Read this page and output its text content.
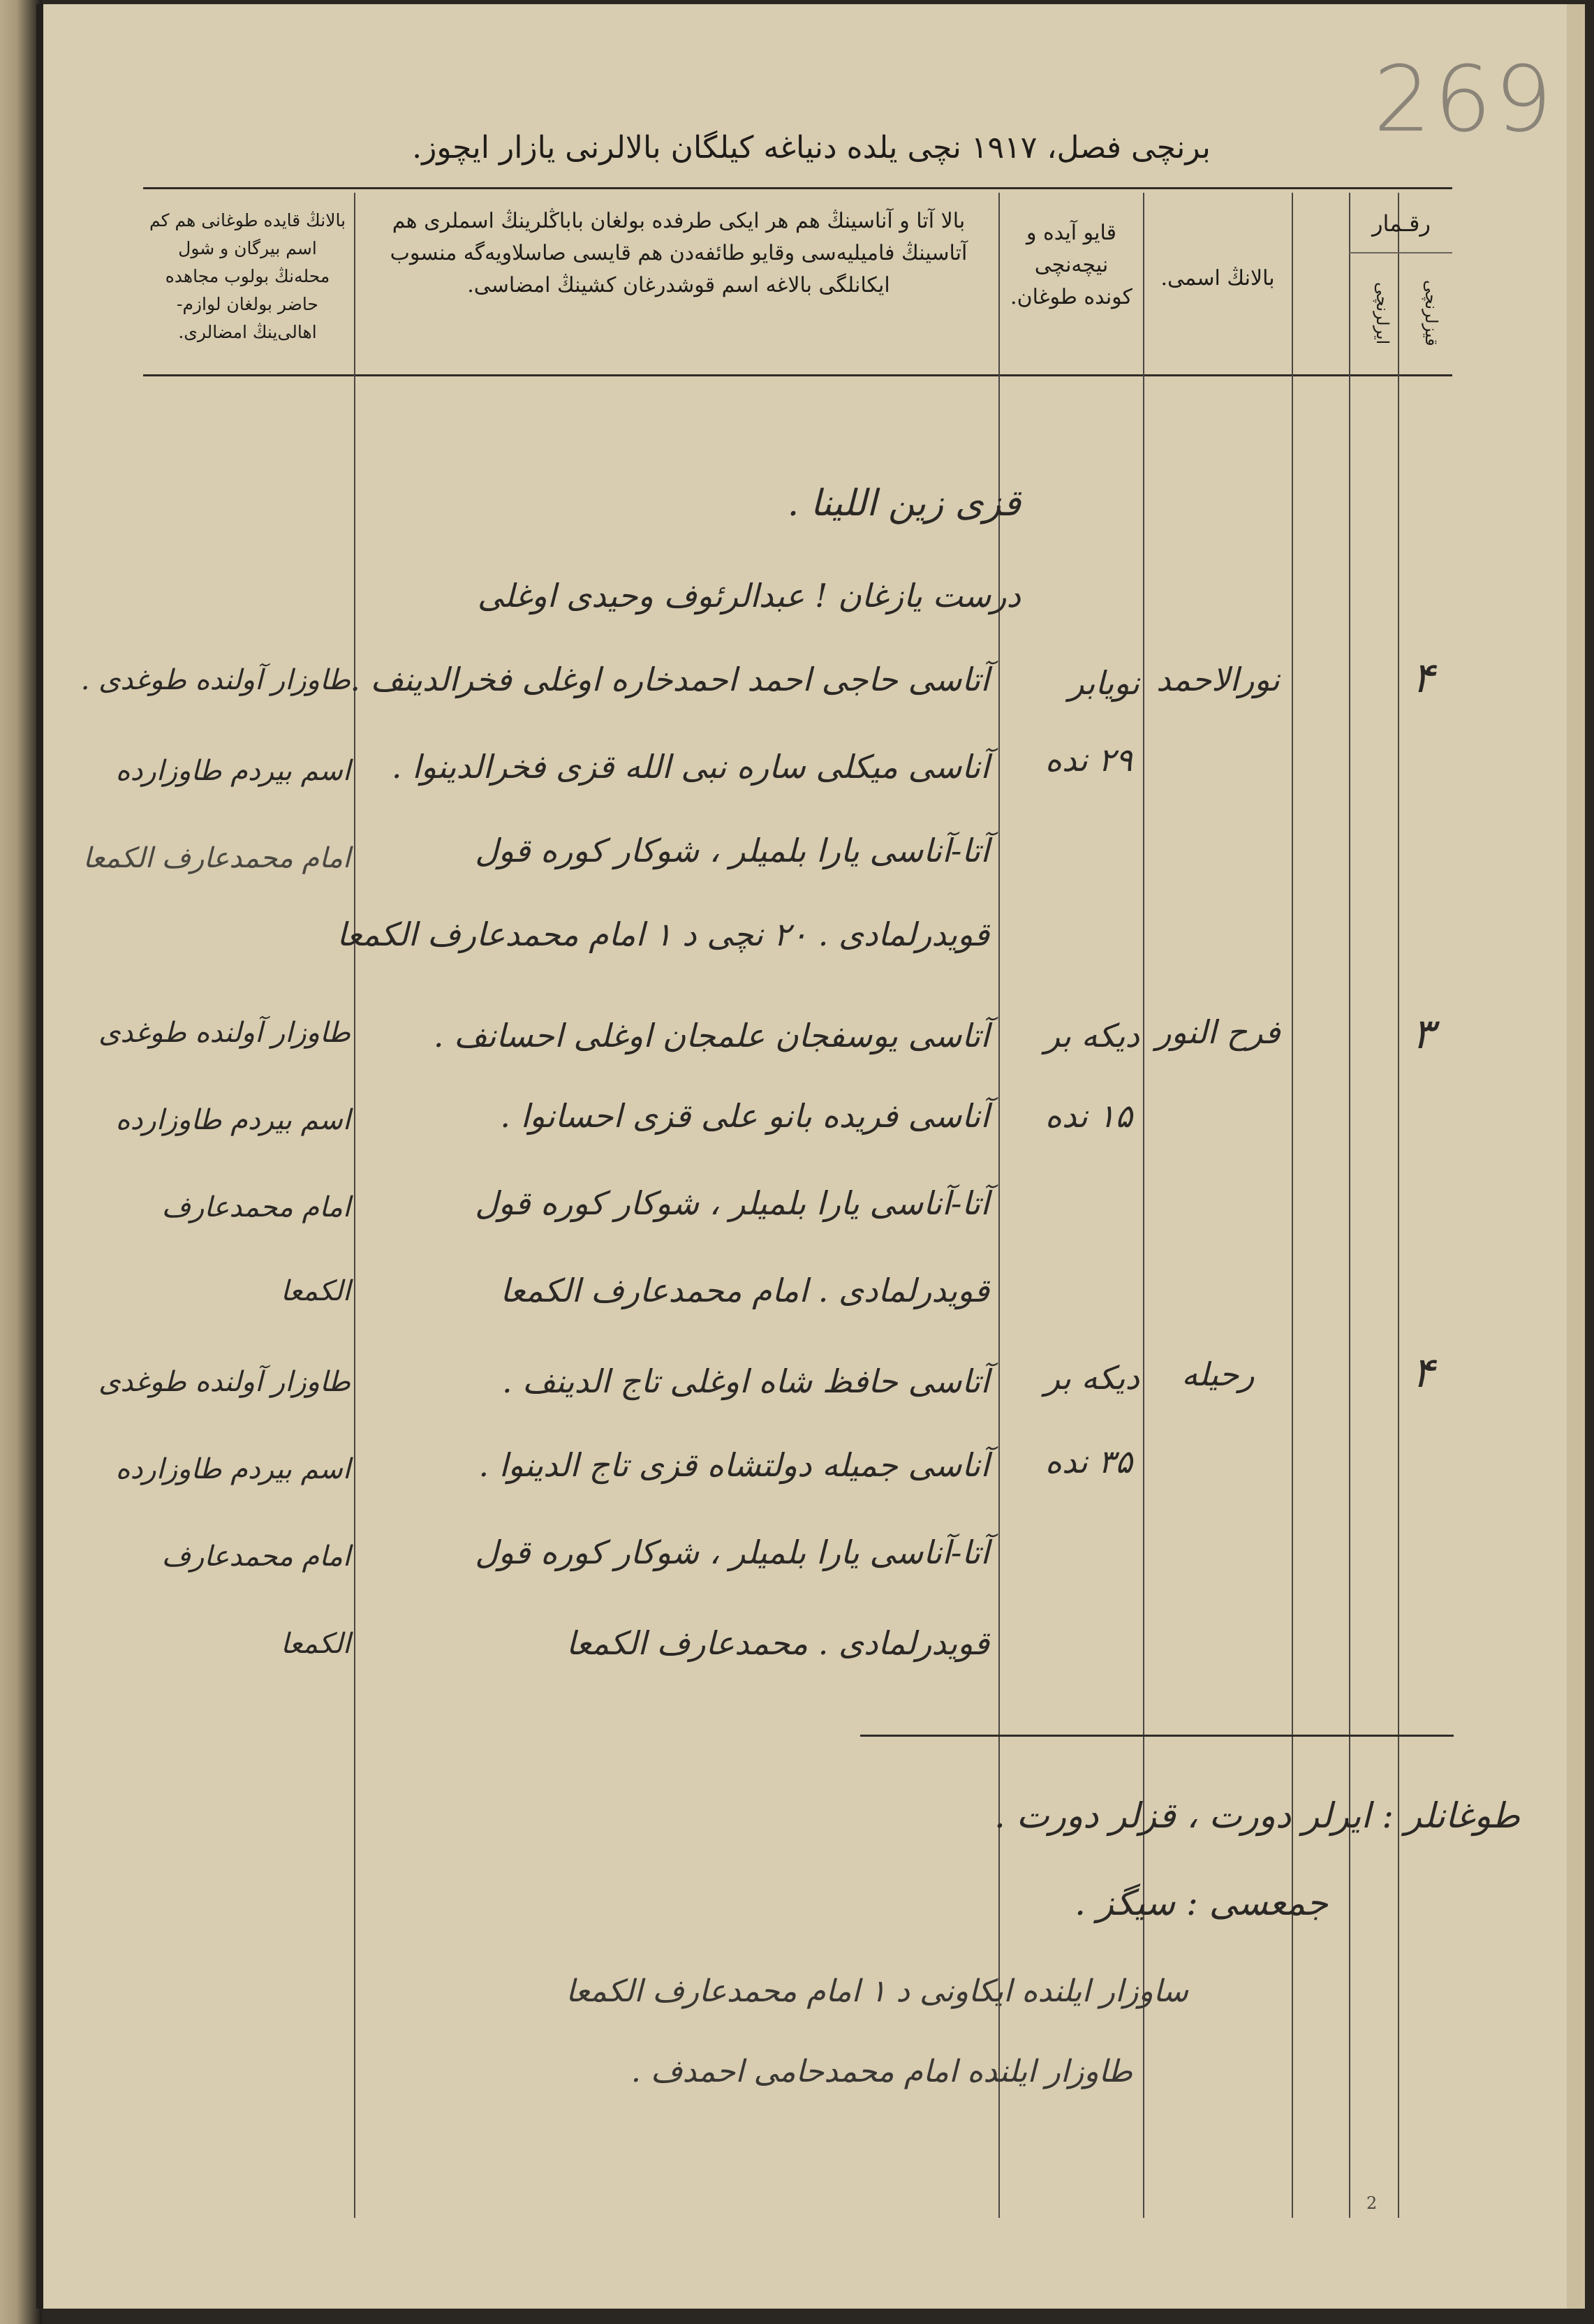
269
برنچی فصل، ۱۹۱۷ نچی یلده دنیاغه کیلگان بالالرنی یازار ایچوز.
رقـمار
ایرلرنچی	قیزلرنچی
بالانڭ اسمی.
قایو آیده و نیچه‌نچی کونده طوغان.
بالا آتا و آناسینڭ هم هر ایکی طرفده بولغان باباڭلرینڭ اسملری هم آتاسینڭ فامیلیه‌سی وقایو طائفه‌دن هم قایسی صاسلاویه‌گه منسوب ایکانلگی بالاغه اسم قوشدرغان کشینڭ امضاسی.
بالانڭ قایده طوغانی هم کم اسم بیرگان و شول محله‌نڭ بولوب مجاهده حاضر بولغان لوازم-اهالی‌ینڭ امضالری.
قزی زین اللینا .
درست یازغان ! عبدالرئوف وحیدی اوغلی
۴
نورالاحمد
نویابر
۲۹ نده
آتاسی حاجی احمد احمدخاره اوغلی فخرالدینف .
آناسی میکلی ساره نبی الله قزی فخرالدینوا .
آتا-آناسی یارا بلمیلر ، شوکار کوره قول
قویدرلمادی . ۲۰ نچی د ۱ امام محمدعارف الکمعا
طاوزار آولنده طوغدی .
اسم بیردم طاوزارده
امام محمدعارف الکمعا
۳
فرح النور
دیکه بر
۱۵ نده
آتاسی یوسفجان علمجان اوغلی احسانف .
آناسی فریده بانو علی قزی احسانوا .
آتا-آناسی یارا بلمیلر ، شوکار کوره قول
قویدرلمادی . امام محمدعارف الکمعا
طاوزار آولنده طوغدی
اسم بیردم طاوزارده
امام محمدعارف
الکمعا
۴
رحیله
دیکه بر
۳۵ نده
آتاسی حافظ شاه اوغلی تاج الدینف .
آناسی جمیله دولتشاه قزی تاج الدینوا .
آتا-آناسی یارا بلمیلر ، شوکار کوره قول
قویدرلمادی . محمدعارف الکمعا
طاوزار آولنده طوغدی
اسم بیردم طاوزارده
امام محمدعارف
الکمعا
طوغانلر : ایرلر دورت ، قزلر دورت .
جمعسی : سیگز .
ساوزار ایلنده ایکاونی د ۱ امام محمدعارف الکمعا
طاوزار ایلنده امام محمدحامی احمدف .
2
